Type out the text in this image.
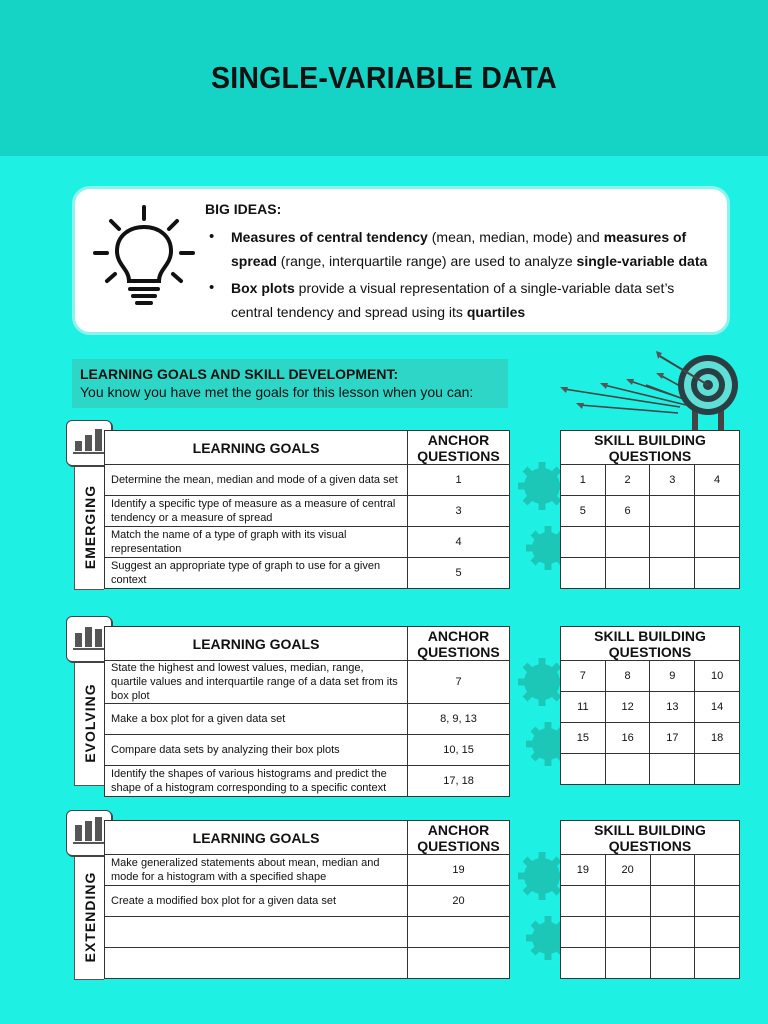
SINGLE-VARIABLE DATA
BIG IDEAS:
• Measures of central tendency (mean, median, mode) and measures of spread (range, interquartile range) are used to analyze single-variable data
• Box plots provide a visual representation of a single-variable data set’s central tendency and spread using its quartiles
LEARNING GOALS AND SKILL DEVELOPMENT:
You know you have met the goals for this lesson when you can:
EMERGING
LEARNING GOALS	ANCHOR QUESTIONS
Determine the mean, median and mode of a given data set	1
Identify a specific type of measure as a measure of central tendency or a measure of spread	3
Match the name of a type of graph with its visual representation	4
Suggest an appropriate type of graph to use for a given context	5
SKILL BUILDING QUESTIONS			
1	2	3	4
5	6		

EVOLVING
LEARNING GOALS	ANCHOR QUESTIONS
State the highest and lowest values, median, range, quartile values and interquartile range of a data set from its box plot	7
Make a box plot for a given data set	8, 9, 13
Compare data sets by analyzing their box plots	10, 15
Identify the shapes of various histograms and predict the shape of a histogram corresponding to a specific context	17, 18
SKILL BUILDING QUESTIONS			
7	8	9	10
11	12	13	14
15	16	17	18

EXTENDING
LEARNING GOALS	ANCHOR QUESTIONS
Make generalized statements about mean, median and mode for a histogram with a specified shape	19
Create a modified box plot for a given data set	20

SKILL BUILDING QUESTIONS			
19	20		
